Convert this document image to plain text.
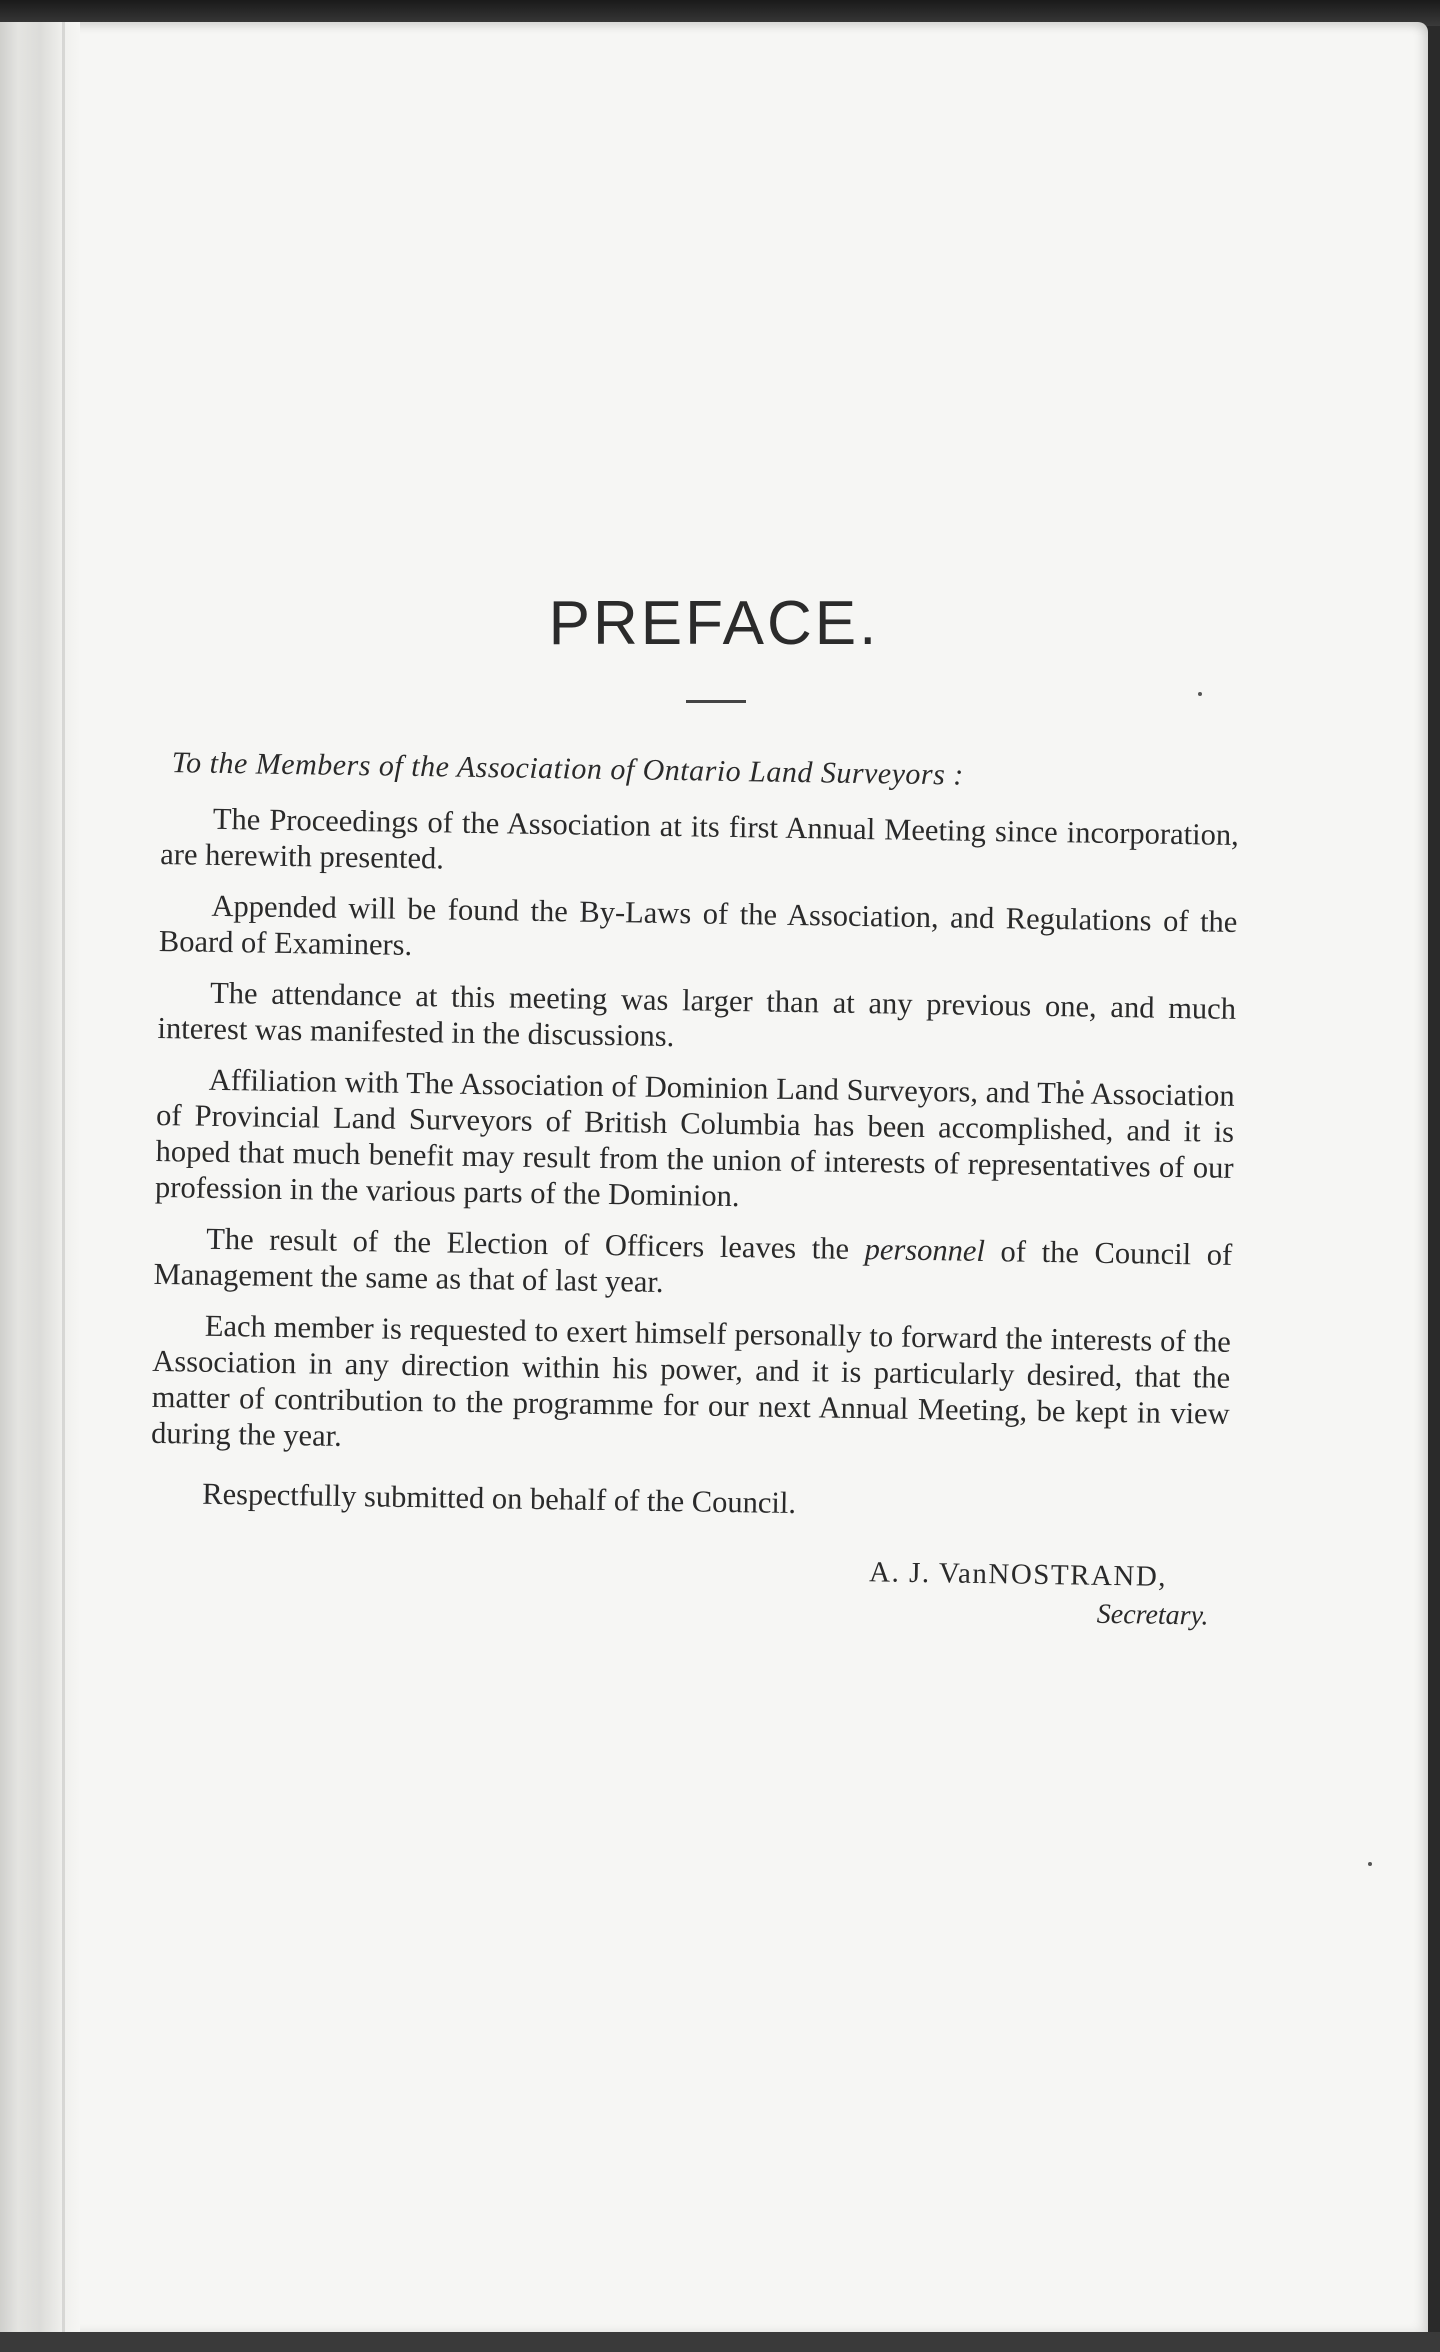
PREFACE.

To the Members of the Association of Ontario Land Surveyors :

The Proceedings of the Association at its first Annual Meeting since incorporation, are herewith presented.

Appended will be found the By-Laws of the Association, and Regulations of the Board of Examiners.

The attendance at this meeting was larger than at any previous one, and much interest was manifested in the discussions.

Affiliation with The Association of Dominion Land Surveyors, and The Association of Provincial Land Surveyors of British Columbia has been accomplished, and it is hoped that much benefit may result from the union of interests of representatives of our profession in the various parts of the Dominion.

The result of the Election of Officers leaves the personnel of the Council of Management the same as that of last year.

Each member is requested to exert himself personally to forward the interests of the Association in any direction within his power, and it is particularly desired, that the matter of contribution to the programme for our next Annual Meeting, be kept in view during the year.

Respectfully submitted on behalf of the Council.

A. J. VanNOSTRAND,

Secretary.
